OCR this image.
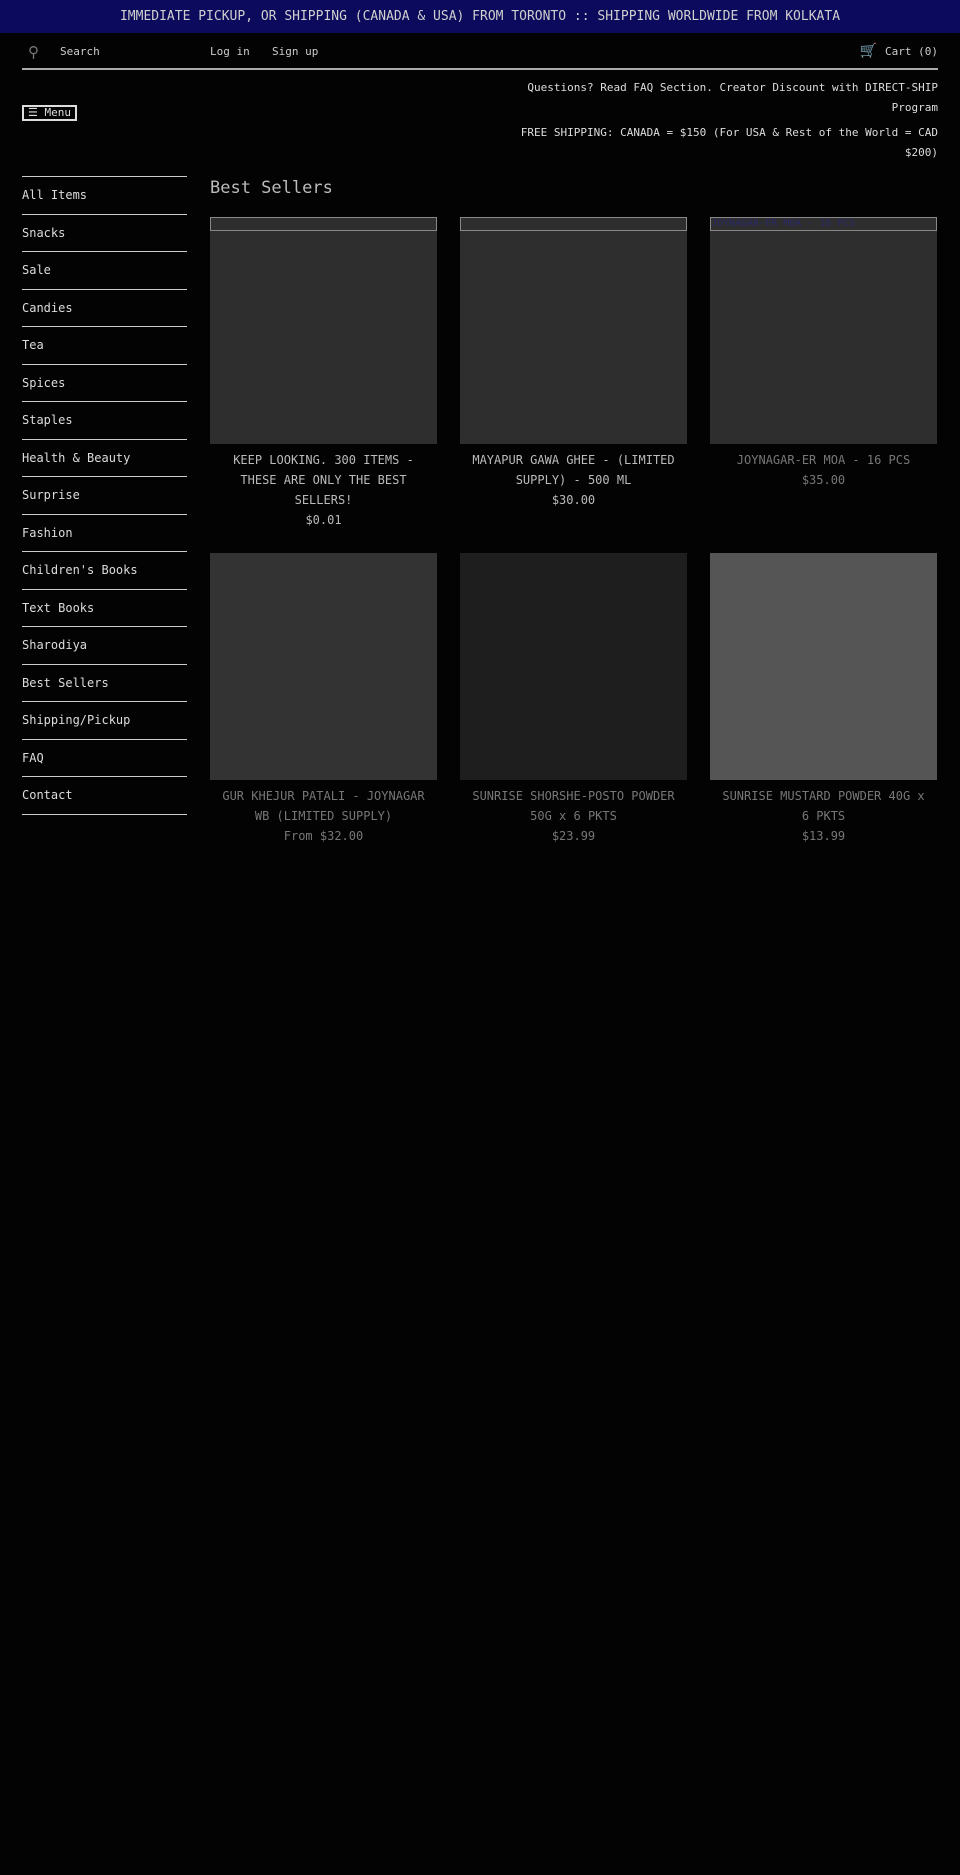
IMMEDIATE PICKUP, OR SHIPPING (CANADA & USA) FROM TORONTO :: SHIPPING WORLDWIDE FROM KOLKATA
⚲ Search	Log in Sign up	🛒 Cart (0)
Questions? Read FAQ Section. Creator Discount with DIRECT-SHIP Program
FREE SHIPPING: CANADA = $150 (For USA & Rest of the World = CAD $200)
☰ Menu
All Items
Snacks
Sale
Candies
Tea
Spices
Staples
Health & Beauty
Surprise
Fashion
Children's Books
Text Books
Sharodiya
Best Sellers
Shipping/Pickup
FAQ
Contact
Best Sellers
KEEP LOOKING. 300 ITEMS - THESE ARE ONLY THE BEST SELLERS!
$0.01
MAYAPUR GAWA GHEE - (LIMITED SUPPLY) - 500 ML
$30.00
JOYNAGAR-ER MOA - 16 PCS
JOYNAGAR-ER MOA - 16 PCS
$35.00
GUR KHEJUR PATALI - JOYNAGAR WB (LIMITED SUPPLY)
From $32.00
SUNRISE SHORSHE-POSTO POWDER 50G x 6 PKTS
$23.99
SUNRISE MUSTARD POWDER 40G x 6 PKTS
$13.99
